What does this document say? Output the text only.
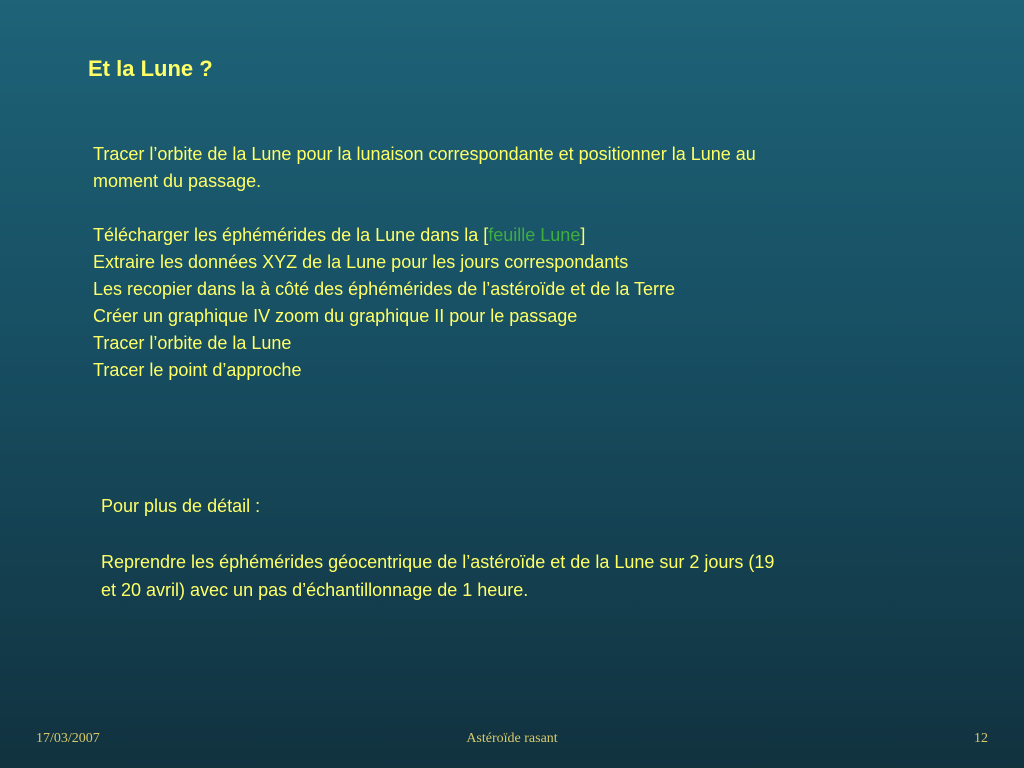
Et la Lune ?

Tracer l’orbite de la Lune pour la lunaison correspondante et positionner la Lune au

moment du passage.

Télécharger les éphémérides de la Lune dans la [feuille Lune]

Extraire les données XYZ de la Lune pour les jours correspondants

Les recopier dans la à côté des éphémérides de l’astéroïde et de la Terre

Créer un graphique IV zoom du graphique II pour le passage

Tracer l’orbite de la Lune

Tracer le point d’approche

Pour plus de détail :

Reprendre les éphémérides géocentrique de l’astéroïde et de la Lune sur 2 jours (19

et 20 avril) avec un pas d’échantillonnage de 1 heure.

17/03/2007	Astéroïde rasant	12
